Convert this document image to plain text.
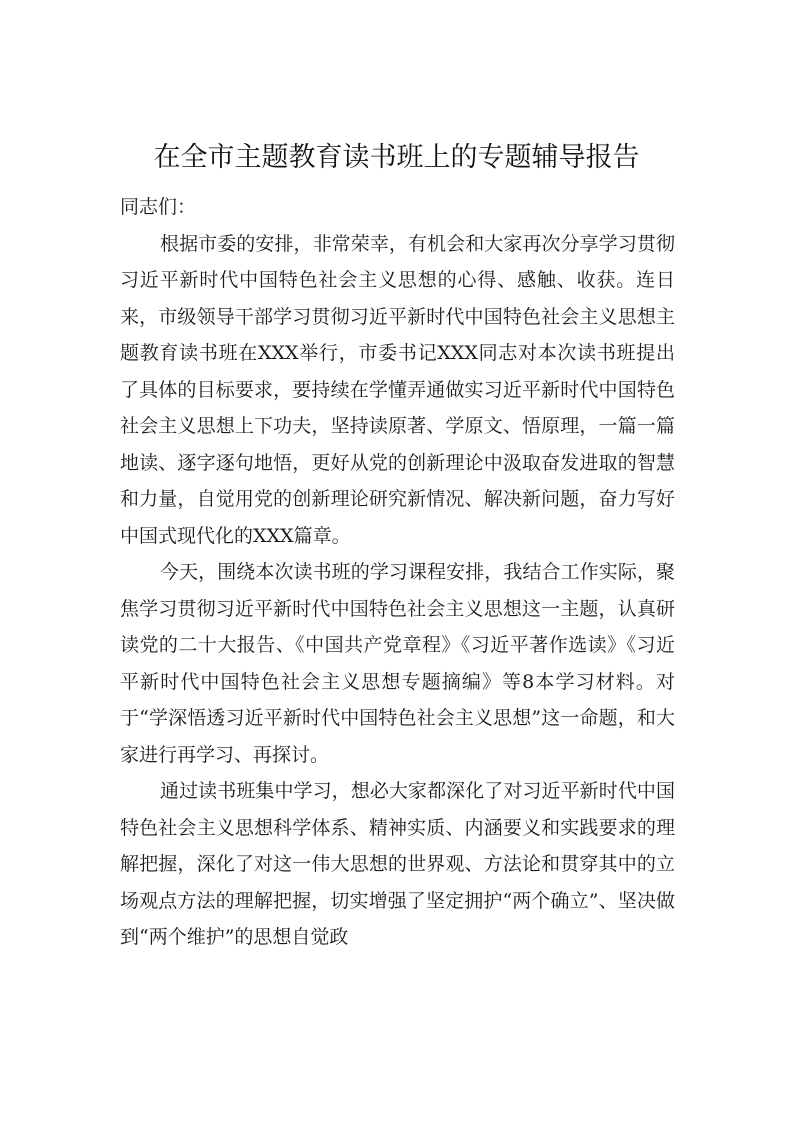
在全市主题教育读书班上的专题辅导报告

同志们：

根据市委的安排，非常荣幸，有机会和大家再次分享学习贯彻习近平新时代中国特色社会主义思想的心得、感触、收获。连日来，市级领导干部学习贯彻习近平新时代中国特色社会主义思想主题教育读书班在XXX举行，市委书记XXX同志对本次读书班提出了具体的目标要求，要持续在学懂弄通做实习近平新时代中国特色社会主义思想上下功夫，坚持读原著、学原文、悟原理，一篇一篇地读、逐字逐句地悟，更好从党的创新理论中汲取奋发进取的智慧和力量，自觉用党的创新理论研究新情况、解决新问题，奋力写好中国式现代化的XXX篇章。

今天，围绕本次读书班的学习课程安排，我结合工作实际，聚焦学习贯彻习近平新时代中国特色社会主义思想这一主题，认真研读党的二十大报告、《中国共产党章程》《习近平著作选读》《习近平新时代中国特色社会主义思想专题摘编》等8本学习材料。对于“学深悟透习近平新时代中国特色社会主义思想”这一命题，和大家进行再学习、再探讨。

通过读书班集中学习，想必大家都深化了对习近平新时代中国特色社会主义思想科学体系、精神实质、内涵要义和实践要求的理解把握，深化了对这一伟大思想的世界观、方法论和贯穿其中的立场观点方法的理解把握，切实增强了坚定拥护“两个确立”、坚决做到“两个维护”的思想自觉政
